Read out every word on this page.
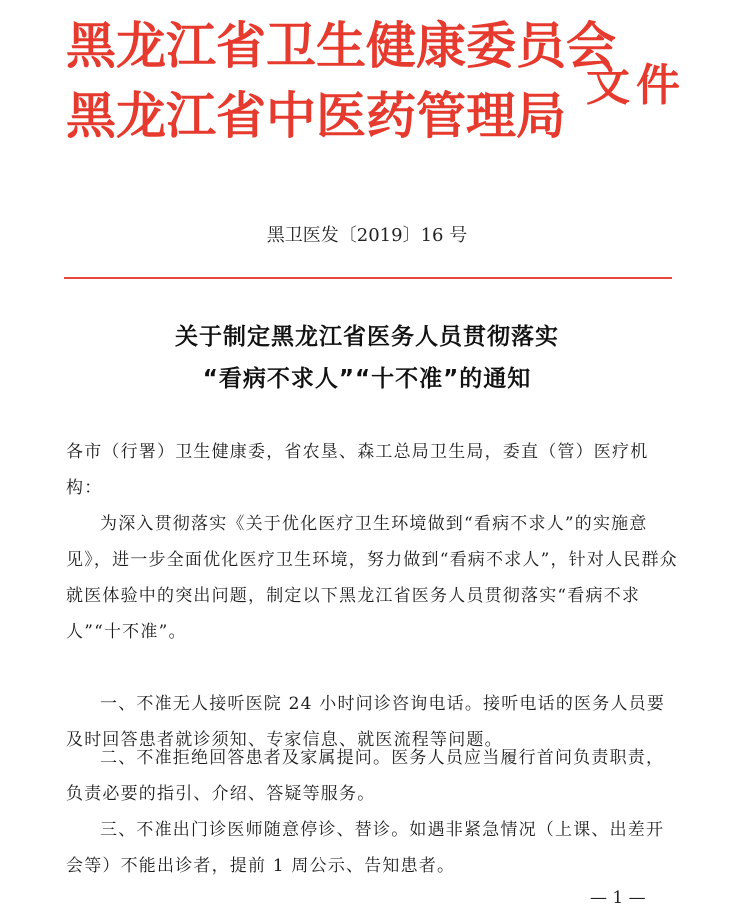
黑 龙 江 省 卫 生 健 康 委 员 会
黑 龙 江 省 中 医 药 管 理 局
文件
黑卫医发〔2019〕16 号
关于制定黑龙江省医务人员贯彻落实
“看病不求人”“十不准”的通知
各市（行署）卫生健康委，省农垦、森工总局卫生局，委直（管）医疗机构：

为深入贯彻落实《关于优化医疗卫生环境做到“看病不求人”的实施意见》，进一步全面优化医疗卫生环境，努力做到“看病不求人”，针对人民群众就医体验中的突出问题，制定以下黑龙江省医务人员贯彻落实“看病不求人”“十不准”。

一、不准无人接听医院 24 小时问诊咨询电话。接听电话的医务人员要及时回答患者就诊须知、专家信息、就医流程等问题。

二、不准拒绝回答患者及家属提问。医务人员应当履行首问负责职责，负责必要的指引、介绍、答疑等服务。

三、不准出门诊医师随意停诊、替诊。如遇非紧急情况（上课、出差开会等）不能出诊者，提前 1 周公示、告知患者。

— 1 —
